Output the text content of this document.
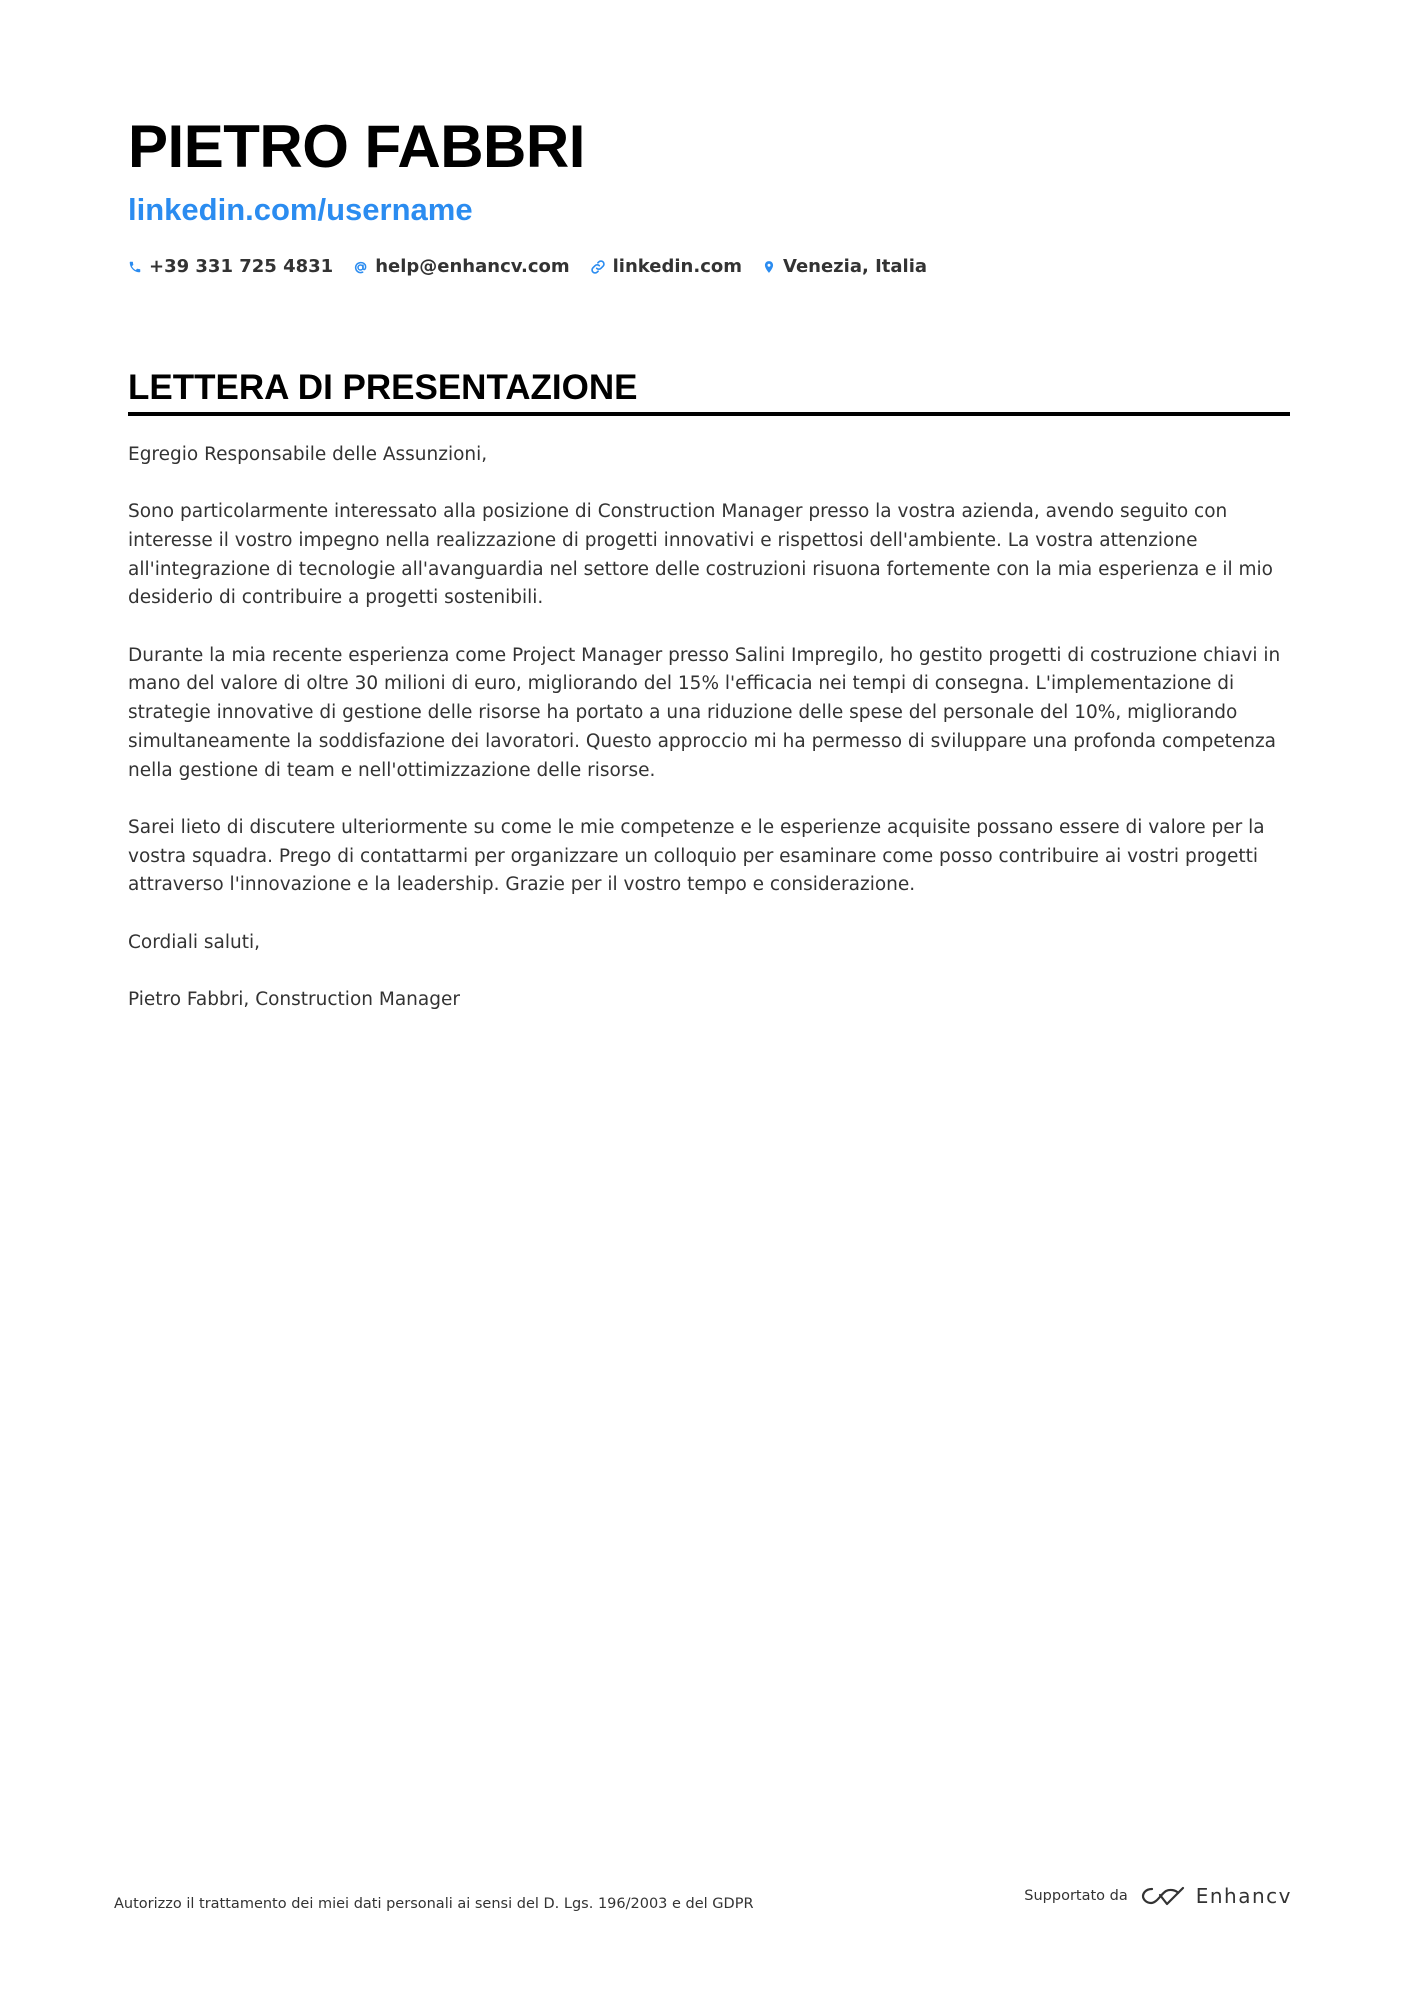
PIETRO FABBRI
linkedin.com/username
+39 331 725 4831 help@enhancv.com linkedin.com Venezia, Italia
LETTERA DI PRESENTAZIONE

Egregio Responsabile delle Assunzioni,

Sono particolarmente interessato alla posizione di Construction Manager presso la vostra azienda, avendo seguito con interesse il vostro impegno nella realizzazione di progetti innovativi e rispettosi dell'ambiente. La vostra attenzione all'integrazione di tecnologie all'avanguardia nel settore delle costruzioni risuona fortemente con la mia esperienza e il mio desiderio di contribuire a progetti sostenibili.

Durante la mia recente esperienza come Project Manager presso Salini Impregilo, ho gestito progetti di costruzione chiavi in mano del valore di oltre 30 milioni di euro, migliorando del 15% l'efficacia nei tempi di consegna. L'implementazione di strategie innovative di gestione delle risorse ha portato a una riduzione delle spese del personale del 10%, migliorando simultaneamente la soddisfazione dei lavoratori. Questo approccio mi ha permesso di sviluppare una profonda competenza nella gestione di team e nell'ottimizzazione delle risorse.

Sarei lieto di discutere ulteriormente su come le mie competenze e le esperienze acquisite possano essere di valore per la vostra squadra. Prego di contattarmi per organizzare un colloquio per esaminare come posso contribuire ai vostri progetti attraverso l'innovazione e la leadership. Grazie per il vostro tempo e considerazione.

Cordiali saluti,

Pietro Fabbri, Construction Manager

Autorizzo il trattamento dei miei dati personali ai sensi del D. Lgs. 196/2003 e del GDPR	Supportato da	Enhancv
